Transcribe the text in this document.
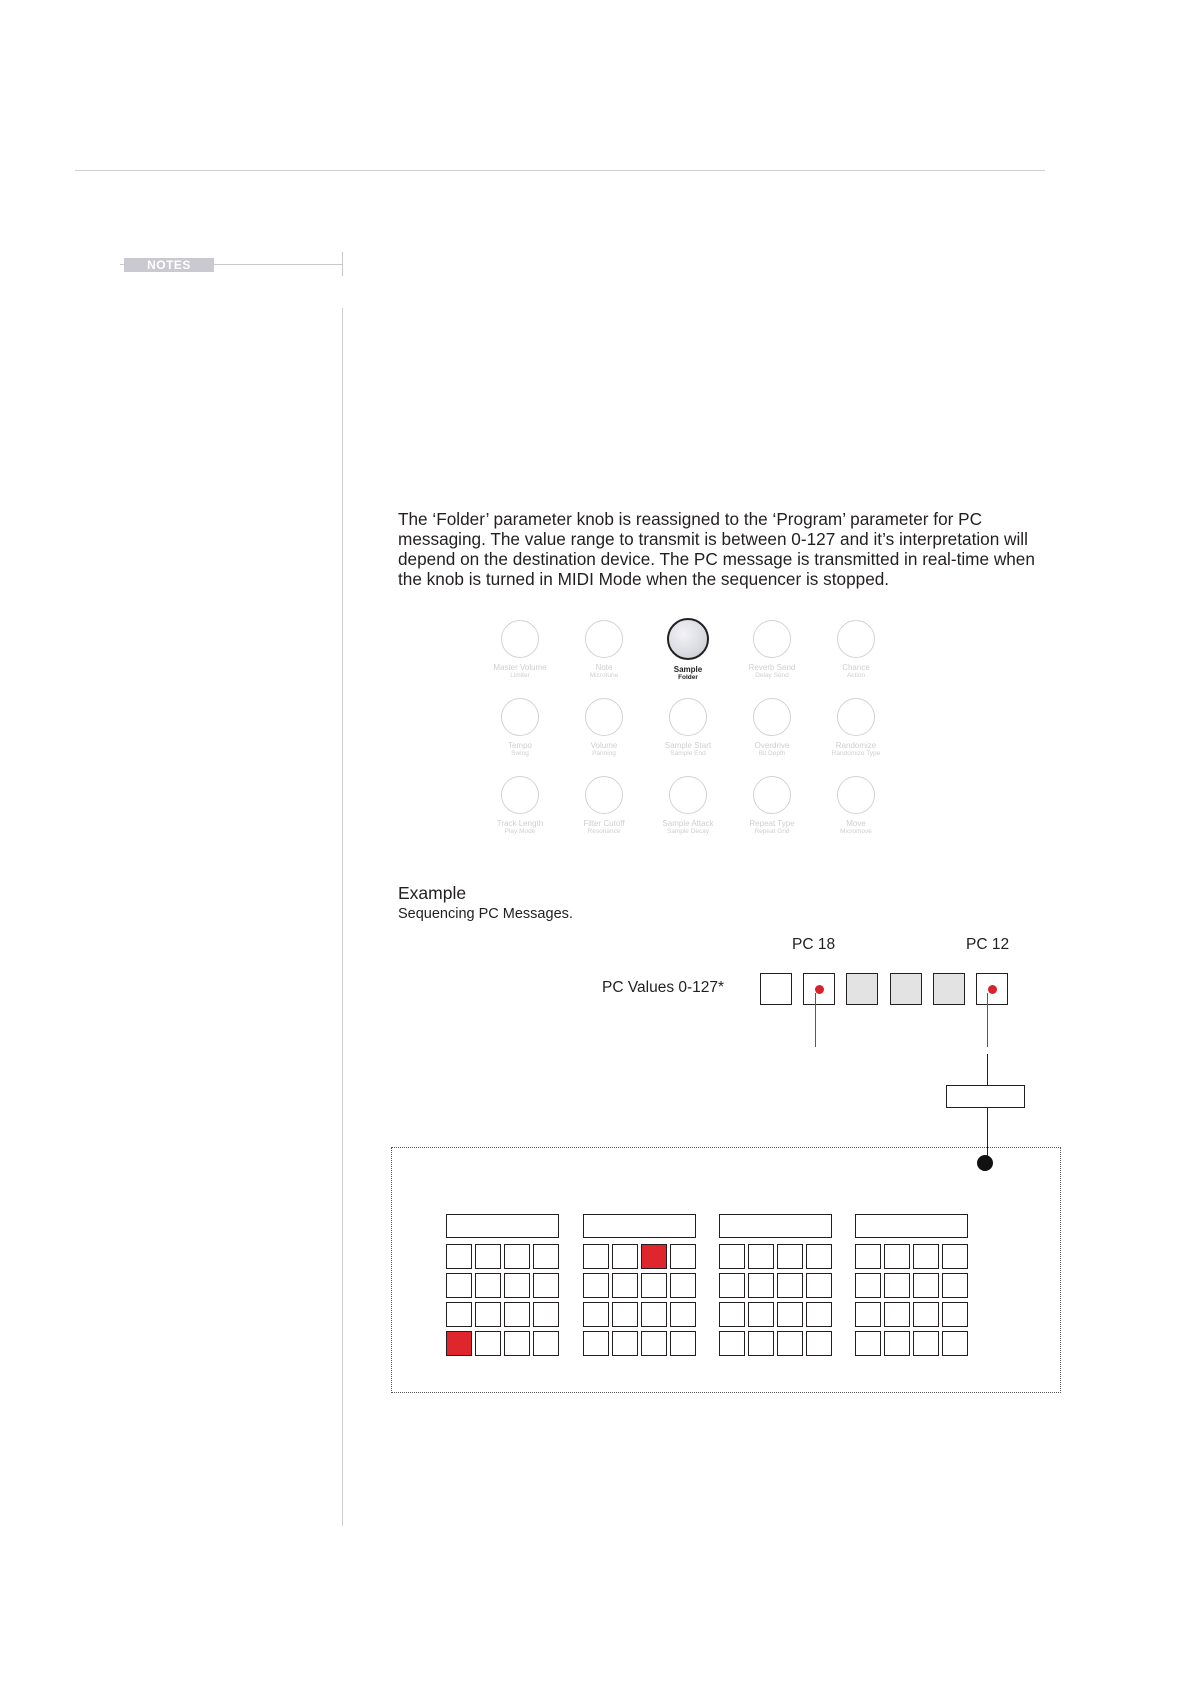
NOTES

The ‘Folder’ parameter knob is reassigned to the ‘Program’ parameter for PC messaging. The value range to transmit is between 0-127 and it’s interpretation will depend on the destination device. The PC message is transmitted in real-time when the knob is turned in MIDI Mode when the sequencer is stopped.

Master Volume
Limiter
Note
Microtune
Sample
Folder
Reverb Send
Delay Send
Chance
Action
Tempo
Swing
Volume
Panning
Sample Start
Sample End
Overdrive
Bit Depth
Randomize
Randomize Type
Track Length
Play Mode
Filter Cutoff
Resonance
Sample Attack
Sample Decay
Repeat Type
Repeat Grid
Move
Micromove
Example
Sequencing PC Messages.
PC 18	PC 12
PC Values 0-127*
